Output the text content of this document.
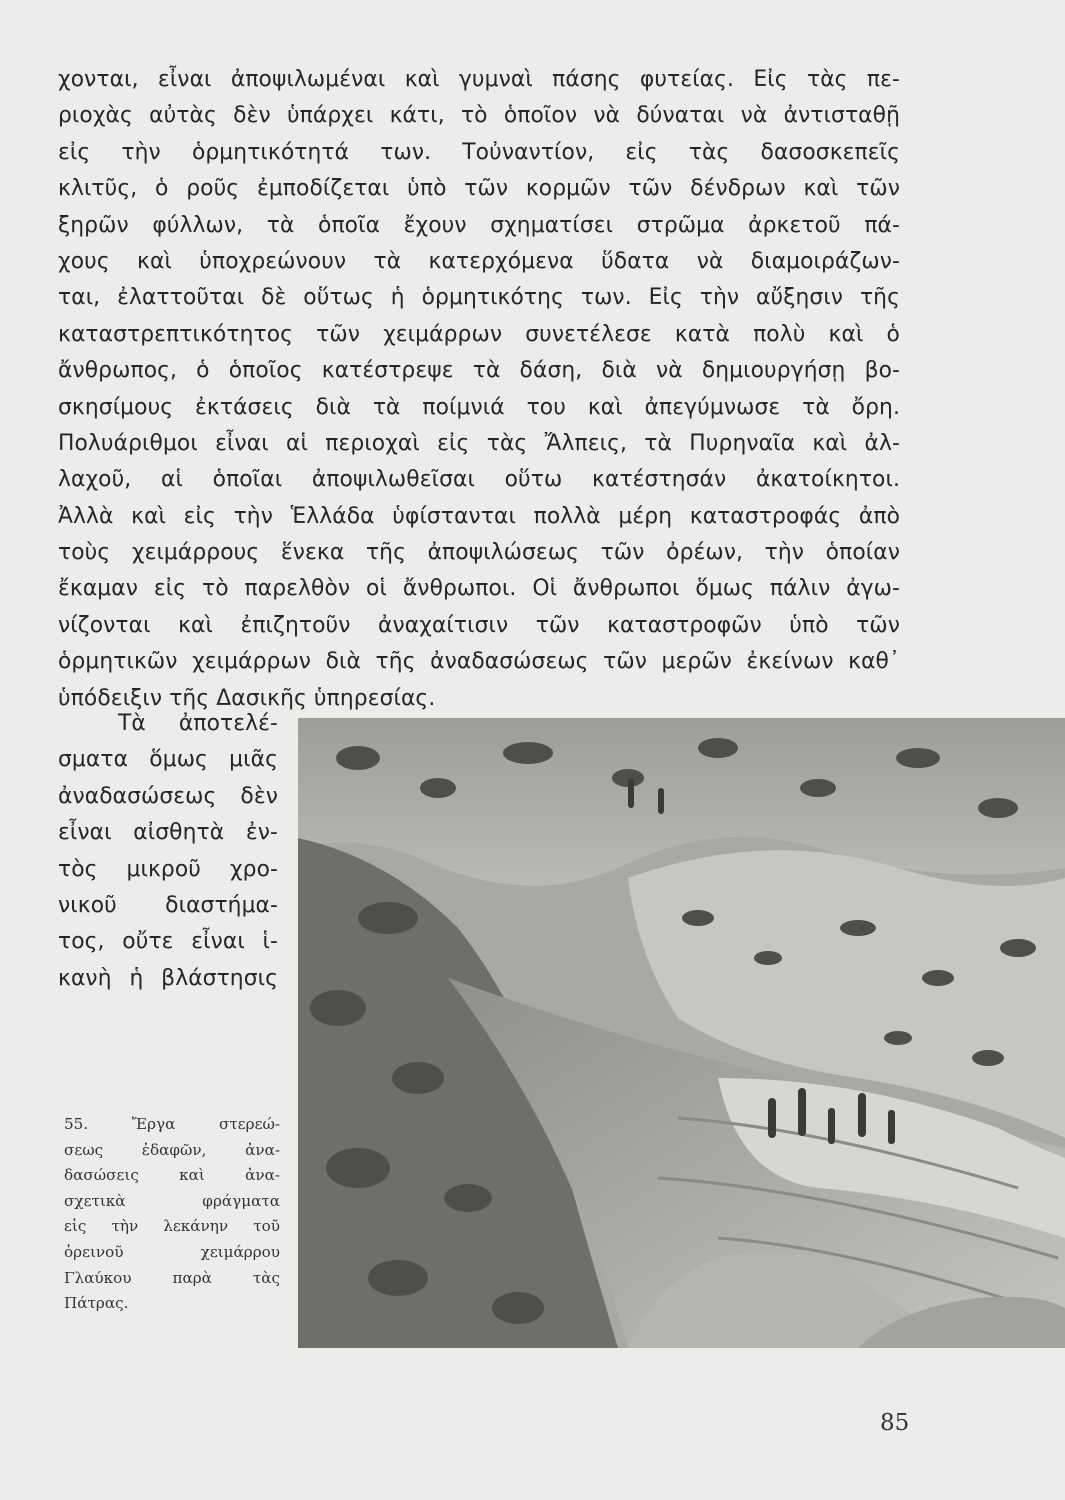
χονται, εἶναι ἀποψιλωμέναι καὶ γυμναὶ πάσης φυτείας. Εἰς τὰς πε-
ριοχὰς αὐτὰς δὲν ὑπάρχει κάτι, τὸ ὁποῖον νὰ δύναται νὰ ἀντισταθῇ
εἰς τὴν ὁρμητικότητά των. Τοὐναντίον, εἰς τὰς δασοσκεπεῖς
κλιτῦς, ὁ ροῦς ἐμποδίζεται ὑπὸ τῶν κορμῶν τῶν δένδρων καὶ τῶν
ξηρῶν φύλλων, τὰ ὁποῖα ἔχουν σχηματίσει στρῶμα ἀρκετοῦ πά-
χους καὶ ὑποχρεώνουν τὰ κατερχόμενα ὕδατα νὰ διαμοιράζων-
ται, ἐλαττοῦται δὲ οὕτως ἡ ὁρμητικότης των. Εἰς τὴν αὔξησιν τῆς
καταστρεπτικότητος τῶν χειμάρρων συνετέλεσε κατὰ πολὺ καὶ ὁ
ἄνθρωπος, ὁ ὁποῖος κατέστρεψε τὰ δάση, διὰ νὰ δημιουργήσῃ βο-
σκησίμους ἐκτάσεις διὰ τὰ ποίμνιά του καὶ ἀπεγύμνωσε τὰ ὄρη.
Πολυάριθμοι εἶναι αἱ περιοχαὶ εἰς τὰς Ἄλπεις, τὰ Πυρηναῖα καὶ ἀλ-
λαχοῦ, αἱ ὁποῖαι ἀποψιλωθεῖσαι οὕτω κατέστησάν ἀκατοίκητοι.
Ἀλλὰ καὶ εἰς τὴν Ἑλλάδα ὑφίστανται πολλὰ μέρη καταστροφάς ἀπὸ
τοὺς χειμάρρους ἕνεκα τῆς ἀποψιλώσεως τῶν ὀρέων, τὴν ὁποίαν
ἔκαμαν εἰς τὸ παρελθὸν οἱ ἄνθρωποι. Οἱ ἄνθρωποι ὅμως πάλιν ἀγω-
νίζονται καὶ ἐπιζητοῦν ἀναχαίτισιν τῶν καταστροφῶν ὑπὸ τῶν
ὁρμητικῶν χειμάρρων διὰ τῆς ἀναδασώσεως τῶν μερῶν ἐκείνων καθ᾽
ὑπόδειξιν τῆς Δασικῆς ὑπηρεσίας.
Τὰ ἀποτελέ-
σματα ὅμως μιᾶς
ἀναδασώσεως δὲν
εἶναι αἰσθητὰ ἐν-
τὸς μικροῦ χρο-
νικοῦ διαστήμα-
τος, οὔτε εἶναι ἱ-
κανὴ ἡ βλάστησις
55. Ἔργα στερεώ-
σεως ἐδαφῶν, ἀνα-
δασώσεις καὶ ἀνα-
σχετικὰ φράγματα
εἰς τὴν λεκάνην τοῦ
ὀρεινοῦ χειμάρρου
Γλαύκου παρὰ τὰς
Πάτρας.
85
